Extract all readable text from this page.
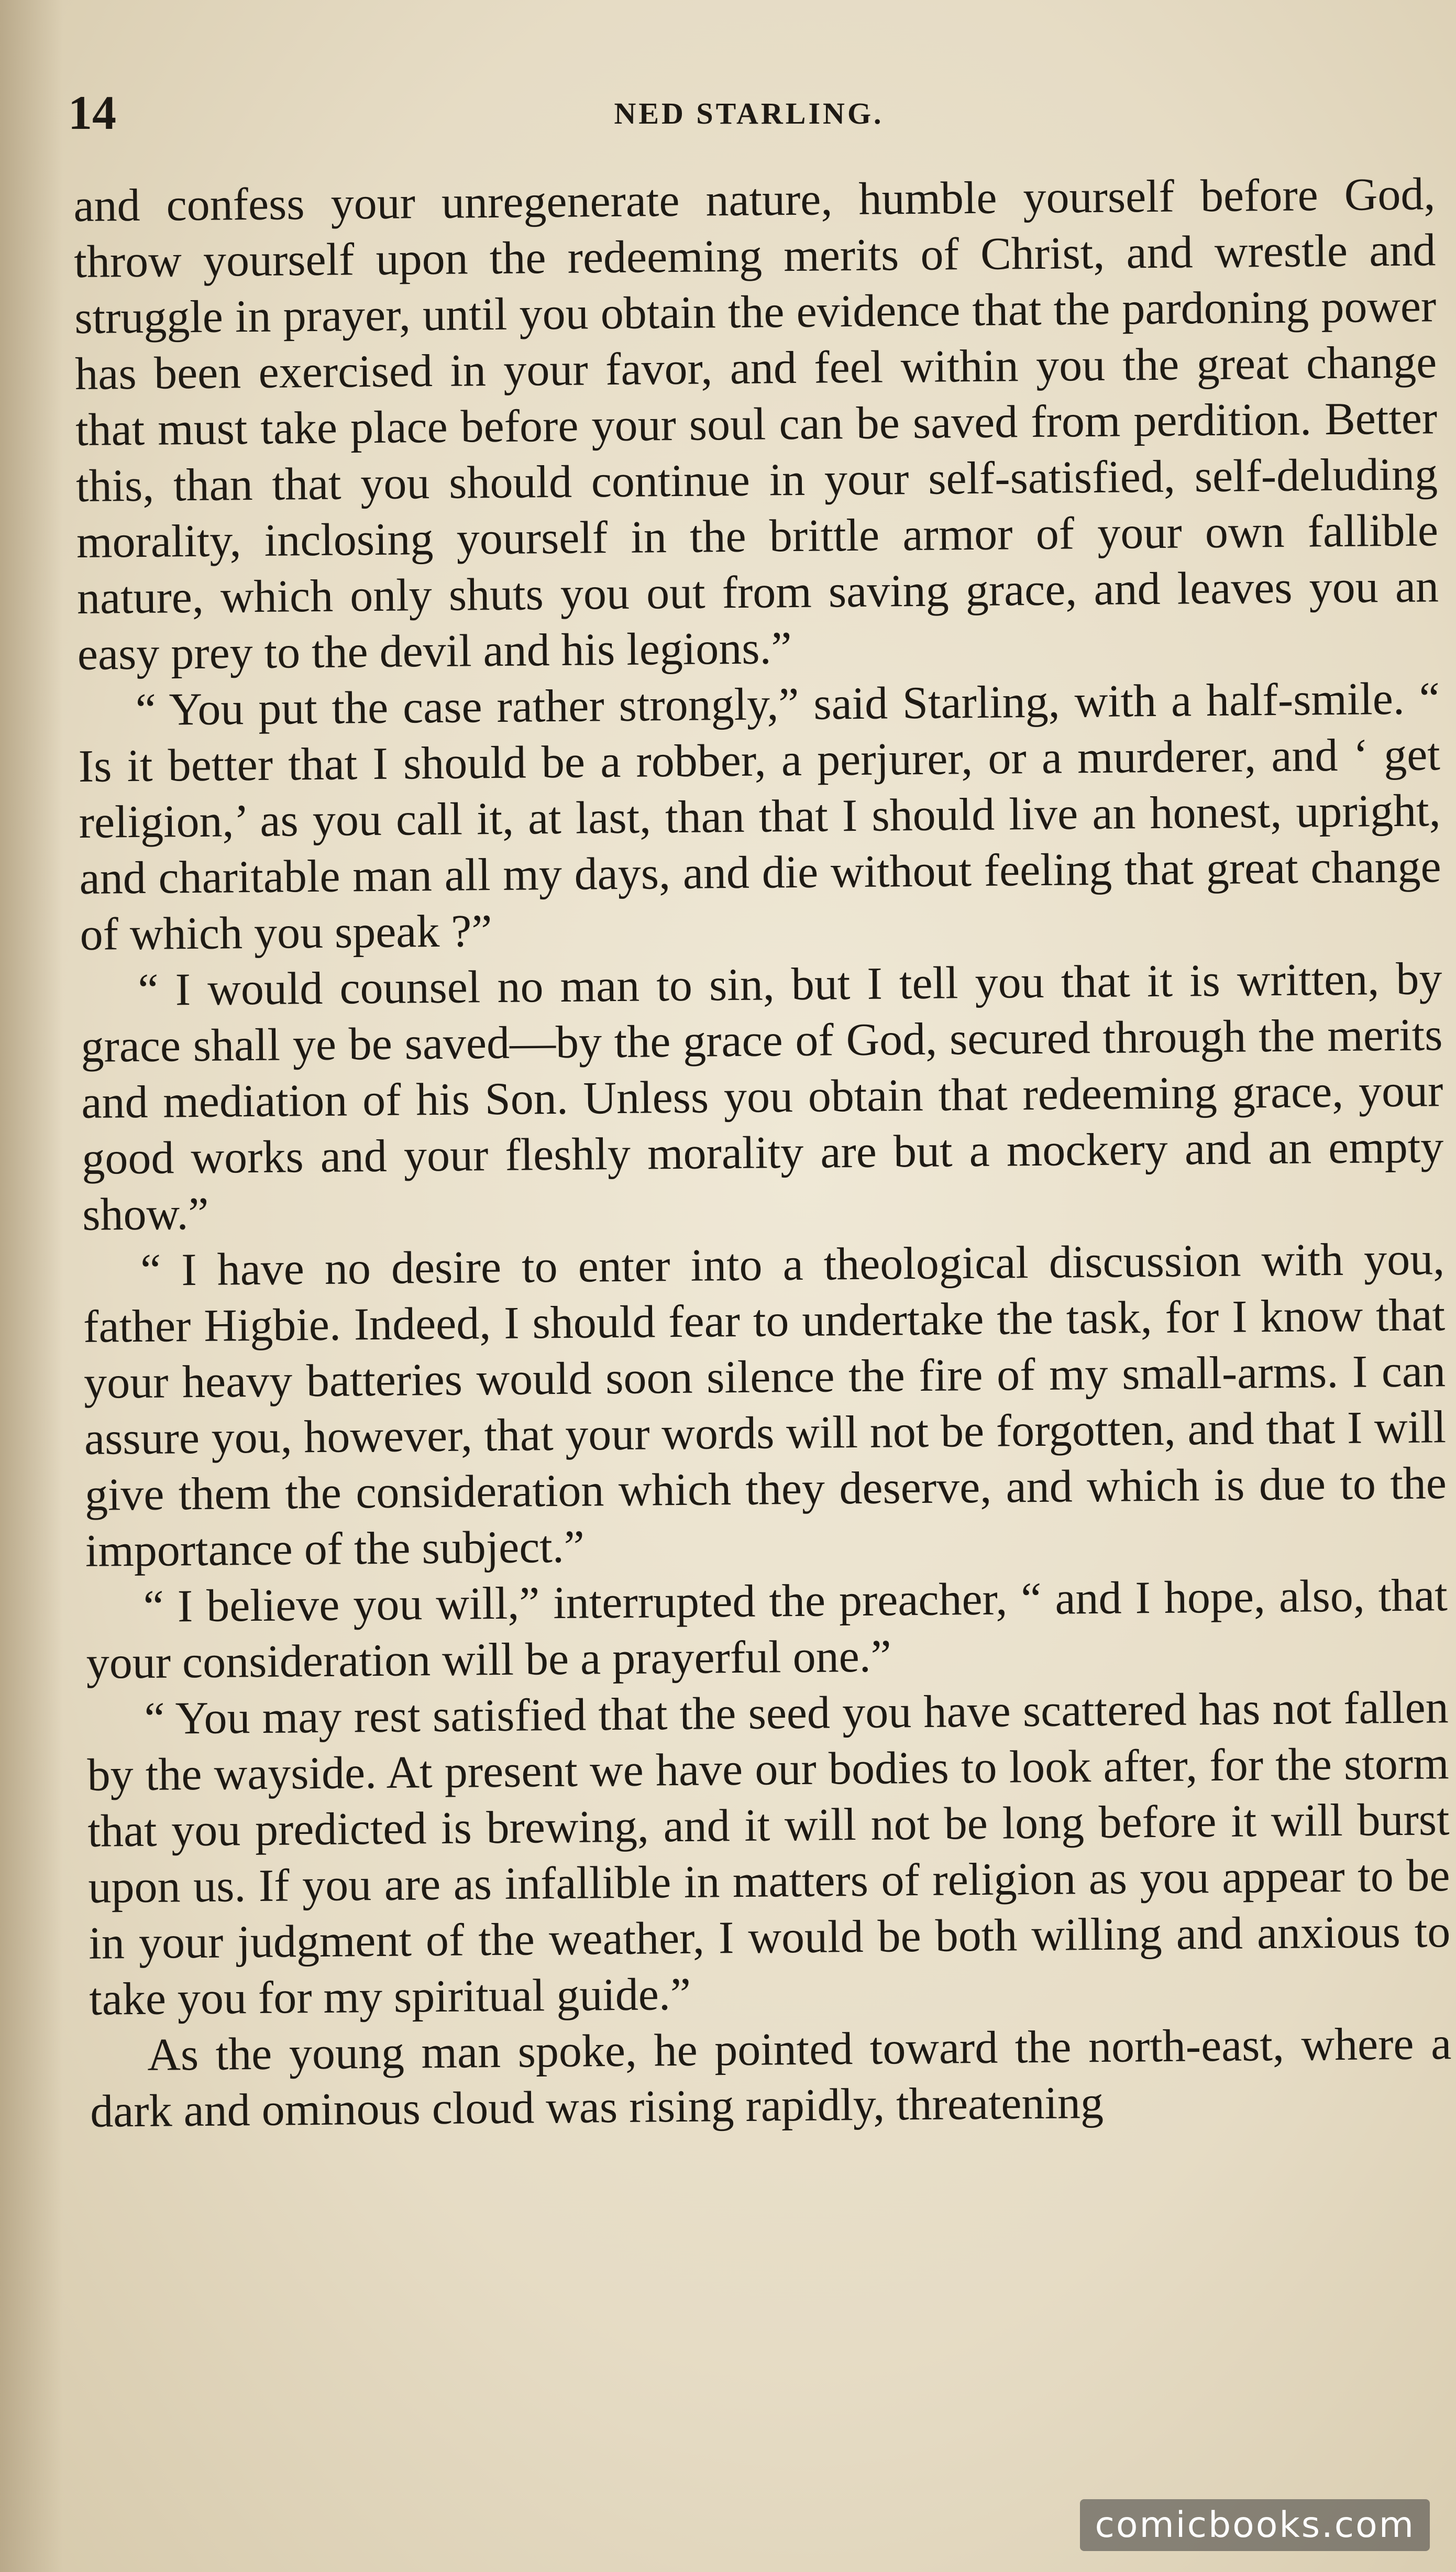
14	NED STARLING.

and confess your unregenerate nature, humble yourself before God, throw yourself upon the redeeming merits of Christ, and wrestle and struggle in prayer, until you obtain the evidence that the pardoning power has been exercised in your favor, and feel within you the great change that must take place before your soul can be saved from perdition. Better this, than that you should continue in your self-satisfied, self-deluding morality, inclosing yourself in the brittle armor of your own fallible nature, which only shuts you out from saving grace, and leaves you an easy prey to the devil and his legions.”

“ You put the case rather strongly,” said Starling, with a half-smile. “ Is it better that I should be a robber, a perjurer, or a murderer, and ‘ get religion,’ as you call it, at last, than that I should live an honest, upright, and charitable man all my days, and die without feeling that great change of which you speak ?”

“ I would counsel no man to sin, but I tell you that it is written, by grace shall ye be saved—by the grace of God, secured through the merits and mediation of his Son. Unless you obtain that redeeming grace, your good works and your fleshly morality are but a mockery and an empty show.”

“ I have no desire to enter into a theological discussion with you, father Higbie. Indeed, I should fear to undertake the task, for I know that your heavy batteries would soon silence the fire of my small-arms. I can assure you, however, that your words will not be forgotten, and that I will give them the consideration which they deserve, and which is due to the importance of the subject.”

“ I believe you will,” interrupted the preacher, “ and I hope, also, that your consideration will be a prayerful one.”

“ You may rest satisfied that the seed you have scattered has not fallen by the wayside. At present we have our bodies to look after, for the storm that you predicted is brewing, and it will not be long before it will burst upon us. If you are as infallible in matters of religion as you appear to be in your judgment of the weather, I would be both willing and anxious to take you for my spiritual guide.”

As the young man spoke, he pointed toward the north-east, where a dark and ominous cloud was rising rapidly, threatening

comicbooks.com
